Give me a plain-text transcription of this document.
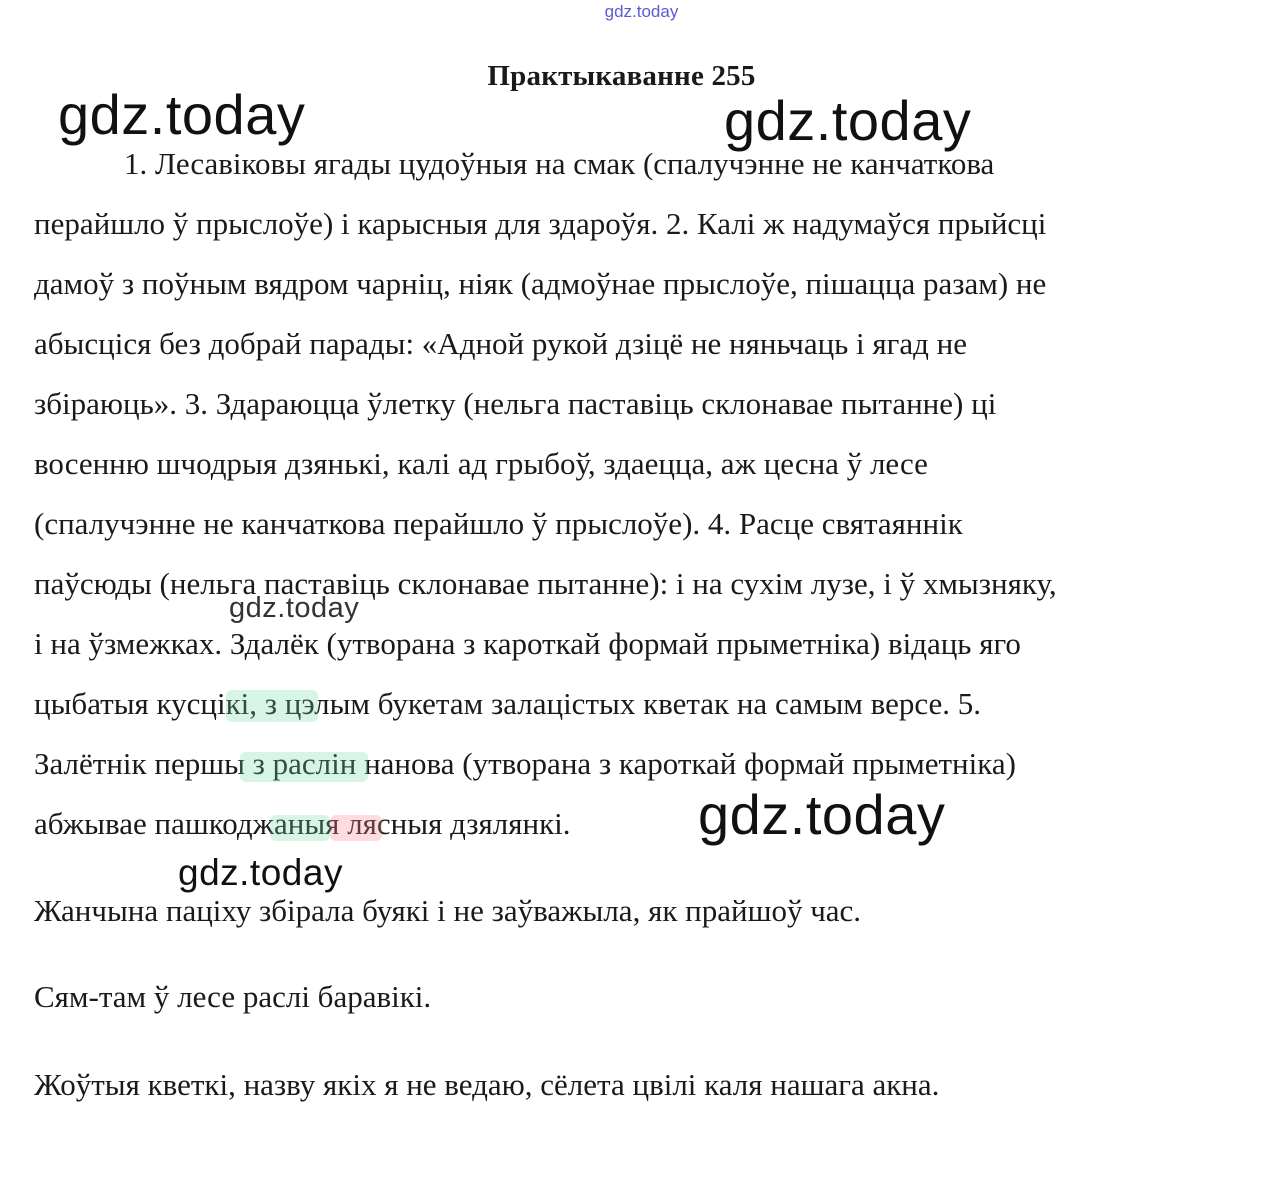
gdz.today
Практыкаванне 255
1. Лесавіковы ягады цудоўныя на смак (спалучэнне не канчаткова
перайшло ў прыслоўе) і карысныя для здароўя. 2. Калі ж надумаўся прыйсці
дамоў з поўным вядром чарніц, ніяк (адмоўнае прыслоўе, пішацца разам) не
абысціся без добрай парады: «Адной рукой дзіцё не няньчаць і ягад не
збіраюць». 3. Здараюцца ўлетку (нельга паставіць склонавае пытанне) ці
восенню шчодрыя дзянькі, калі ад грыбоў, здаецца, аж цесна ў лесе
(спалучэнне не канчаткова перайшло ў прыслоўе). 4. Расце святаяннік
паўсюды (нельга паставіць склонавае пытанне): і на сухім лузе, і ў хмызняку,
і на ўзмежках. Здалёк (утворана з кароткай формай прыметніка) відаць яго
цыбатыя кусцікі, з цэлым букетам залацістых кветак на самым версе. 5.
Залётнік першы з раслін нанова (утворана з кароткай формай прыметніка)
абжывае пашкоджаныя лясныя дзялянкі.
Жанчына паціху збірала буякі і не заўважыла, як прайшоў час.
Сям-там ў лесе раслі баравікі.
Жоўтыя кветкі, назву якіх я не ведаю, сёлета цвілі каля нашага акна.
gdz.today	gdz.today
gdz.today
gdz.today
gdz.today
